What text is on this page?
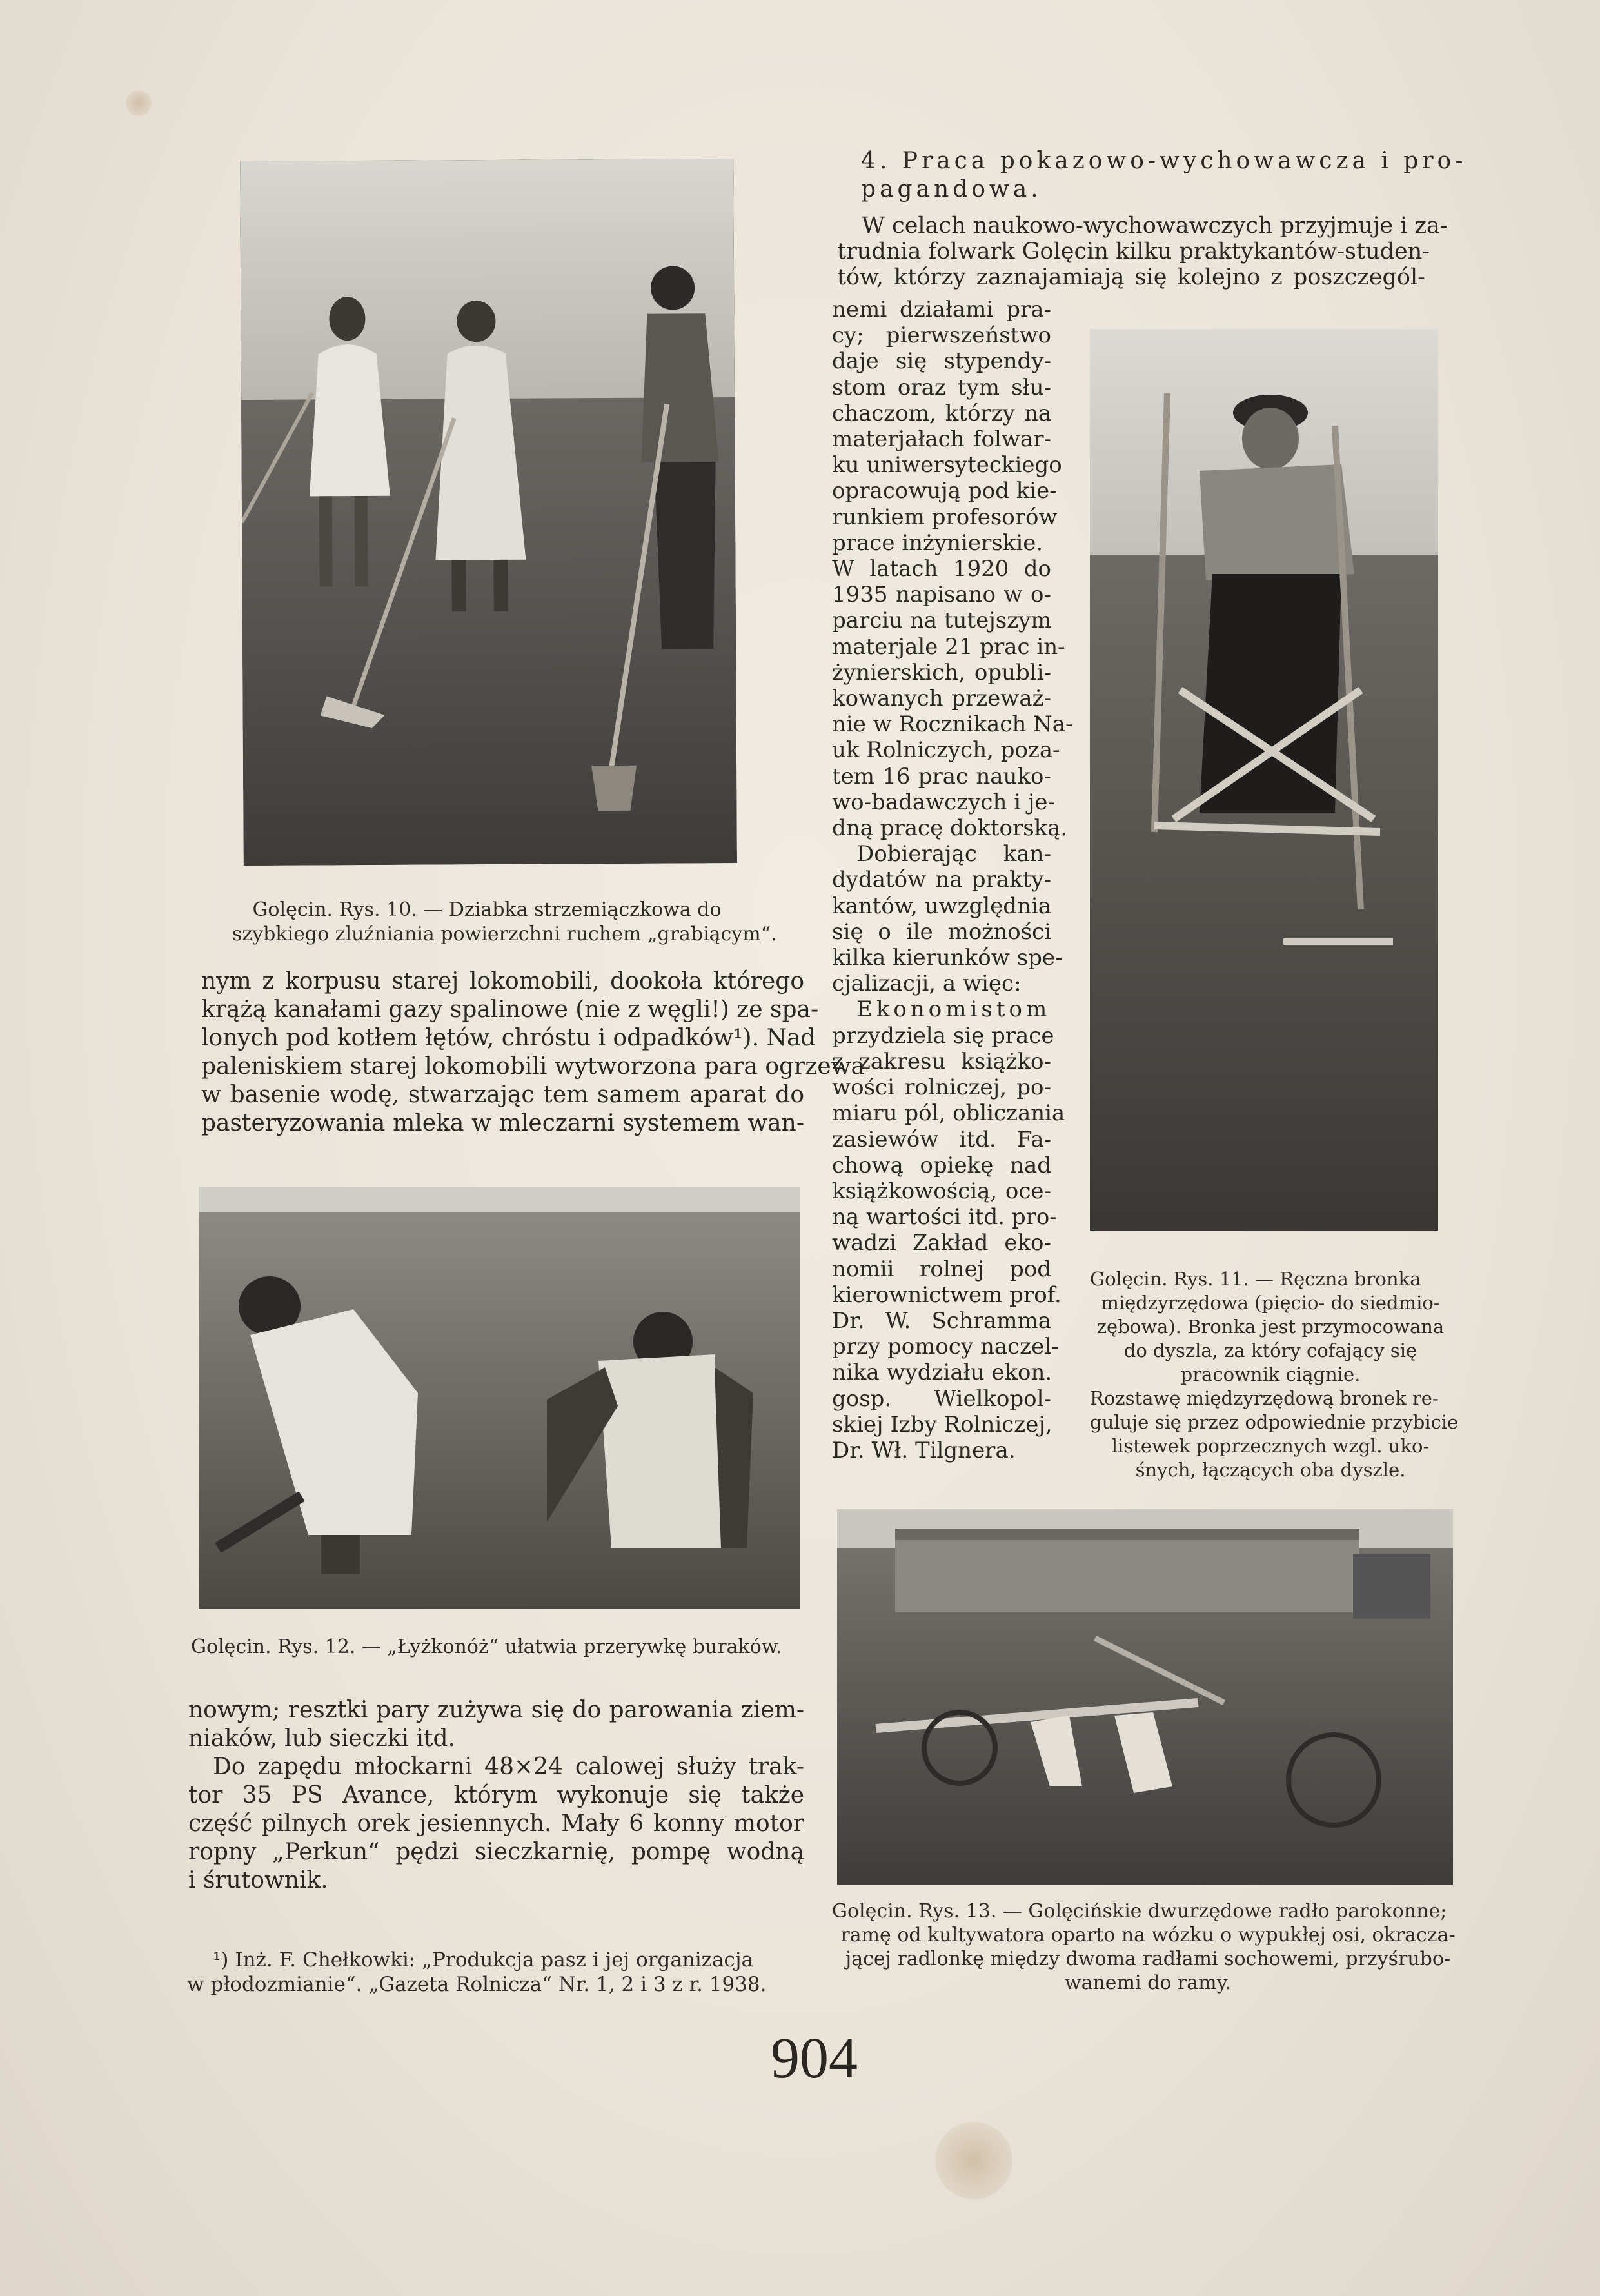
Golęcin. Rys. 10. — Dziabka strzemiączkowa do
szybkiego zluźniania powierzchni ruchem „grabiącym“.
nym z korpusu starej lokomobili, dookoła którego
krążą kanałami gazy spalinowe (nie z węgli!) ze spa-
lonych pod kotłem łętów, chróstu i odpadków¹). Nad
paleniskiem starej lokomobili wytworzona para ogrzewa
w basenie wodę, stwarzając tem samem aparat do
pasteryzowania mleka w mleczarni systemem wan-
Golęcin. Rys. 12. — „Łyżkonóż“ ułatwia przerywkę buraków.
nowym; resztki pary zużywa się do parowania ziem-
niaków, lub sieczki itd.
Do zapędu młockarni 48×24 calowej służy trak-
tor 35 PS Avance, którym wykonuje się także
część pilnych orek jesiennych. Mały 6 konny motor
ropny „Perkun“ pędzi sieczkarnię, pompę wodną
i śrutownik.
¹) Inż. F. Chełkowki: „Produkcja pasz i jej organizacja
w płodozmianie“. „Gazeta Rolnicza“ Nr. 1, 2 i 3 z r. 1938.
4. Praca pokazowo-wychowawcza i pro-
pagandowa.
W celach naukowo-wychowawczych przyjmuje i za-
trudnia folwark Golęcin kilku praktykantów-studen-
tów, którzy zaznajamiają się kolejno z poszczegól-
nemi działami pra-
cy; pierwszeństwo
daje się stypendy-
stom oraz tym słu-
chaczom, którzy na
materjałach folwar-
ku uniwersyteckiego
opracowują pod kie-
runkiem profesorów
prace inżynierskie.
W latach 1920 do
1935 napisano w o-
parciu na tutejszym
materjale 21 prac in-
żynierskich, opubli-
kowanych przeważ-
nie w Rocznikach Na-
uk Rolniczych, poza-
tem 16 prac nauko-
wo-badawczych i je-
dną pracę doktorską.
Dobierając kan-
dydatów na prakty-
kantów, uwzględnia
się o ile możności
kilka kierunków spe-
cjalizacji, a więc:
Ekonomistom
przydziela się prace
z zakresu książko-
wości rolniczej, po-
miaru pól, obliczania
zasiewów itd. Fa-
chową opiekę nad
książkowością, oce-
ną wartości itd. pro-
wadzi Zakład eko-
nomii rolnej pod
kierownictwem prof.
Dr. W. Schramma
przy pomocy naczel-
nika wydziału ekon.
gosp. Wielkopol-
skiej Izby Rolniczej,
Dr. Wł. Tilgnera.
Golęcin. Rys. 11. — Ręczna bronka
międzyrzędowa (pięcio- do siedmio-
zębowa). Bronka jest przymocowana
do dyszla, za który cofający się
pracownik ciągnie.
Rozstawę międzyrzędową bronek re-
guluje się przez odpowiednie przybicie
listewek poprzecznych wzgl. uko-
śnych, łączących oba dyszle.
Golęcin. Rys. 13. — Golęcińskie dwurzędowe radło parokonne;
ramę od kultywatora oparto na wózku o wypukłej osi, okracza-
jącej radlonkę między dwoma radłami sochowemi, przyśrubo-
wanemi do ramy.
904
